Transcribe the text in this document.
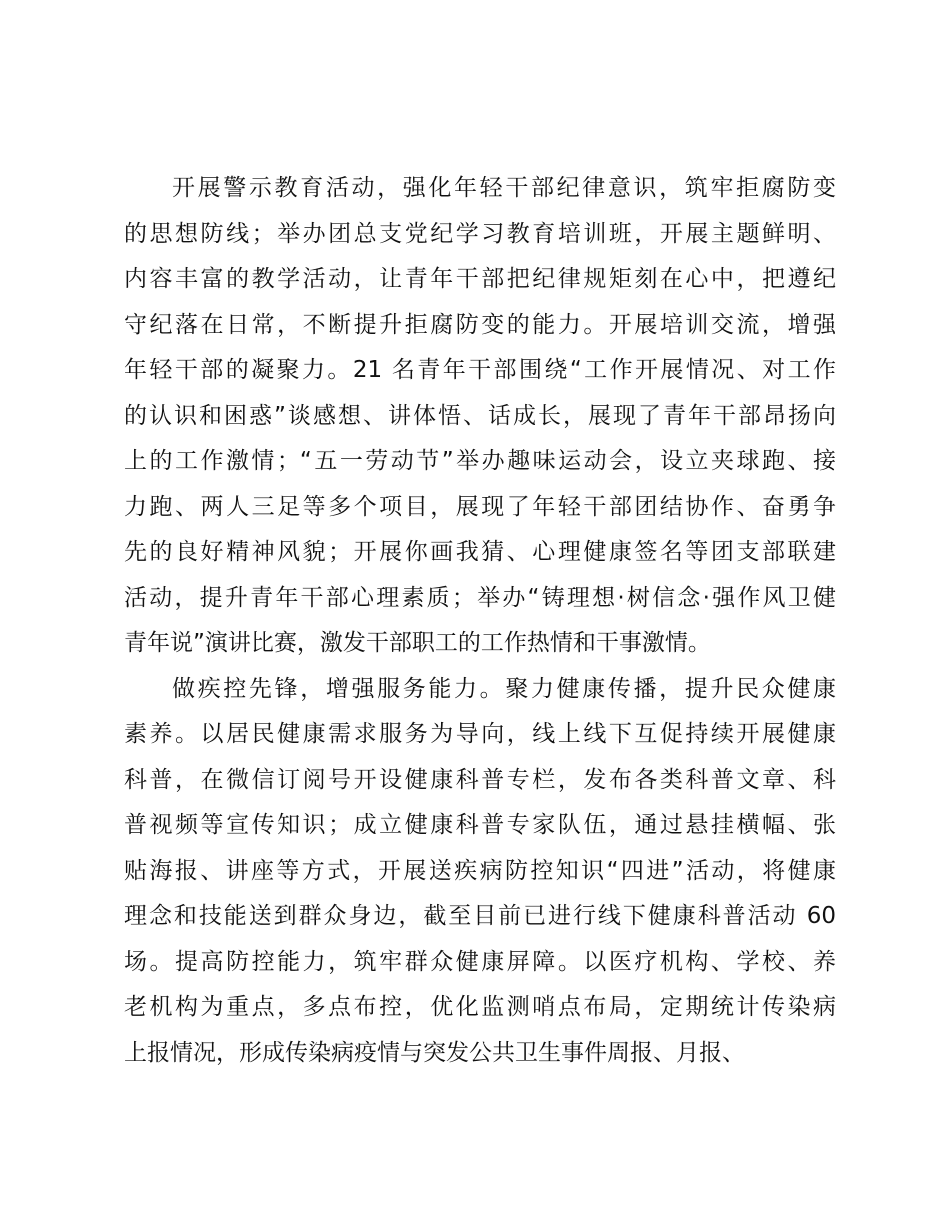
开展警示教育活动，强化年轻干部纪律意识，筑牢拒腐防变
的思想防线；举办团总支党纪学习教育培训班，开展主题鲜明、
内容丰富的教学活动，让青年干部把纪律规矩刻在心中，把遵纪
守纪落在日常，不断提升拒腐防变的能力。开展培训交流，增强
年轻干部的凝聚力。21 名青年干部围绕“工作开展情况、对工作
的认识和困惑”谈感想、讲体悟、话成长，展现了青年干部昂扬向
上的工作激情；“五一劳动节”举办趣味运动会，设立夹球跑、接
力跑、两人三足等多个项目，展现了年轻干部团结协作、奋勇争
先的良好精神风貌；开展你画我猜、心理健康签名等团支部联建
活动，提升青年干部心理素质；举办“铸理想·树信念·强作风卫健
青年说”演讲比赛，激发干部职工的工作热情和干事激情。
做疾控先锋，增强服务能力。聚力健康传播，提升民众健康
素养。以居民健康需求服务为导向，线上线下互促持续开展健康
科普，在微信订阅号开设健康科普专栏，发布各类科普文章、科
普视频等宣传知识；成立健康科普专家队伍，通过悬挂横幅、张
贴海报、讲座等方式，开展送疾病防控知识“四进”活动，将健康
理念和技能送到群众身边，截至目前已进行线下健康科普活动 60
场。提高防控能力，筑牢群众健康屏障。以医疗机构、学校、养
老机构为重点，多点布控，优化监测哨点布局，定期统计传染病
上报情况，形成传染病疫情与突发公共卫生事件周报、月报、
